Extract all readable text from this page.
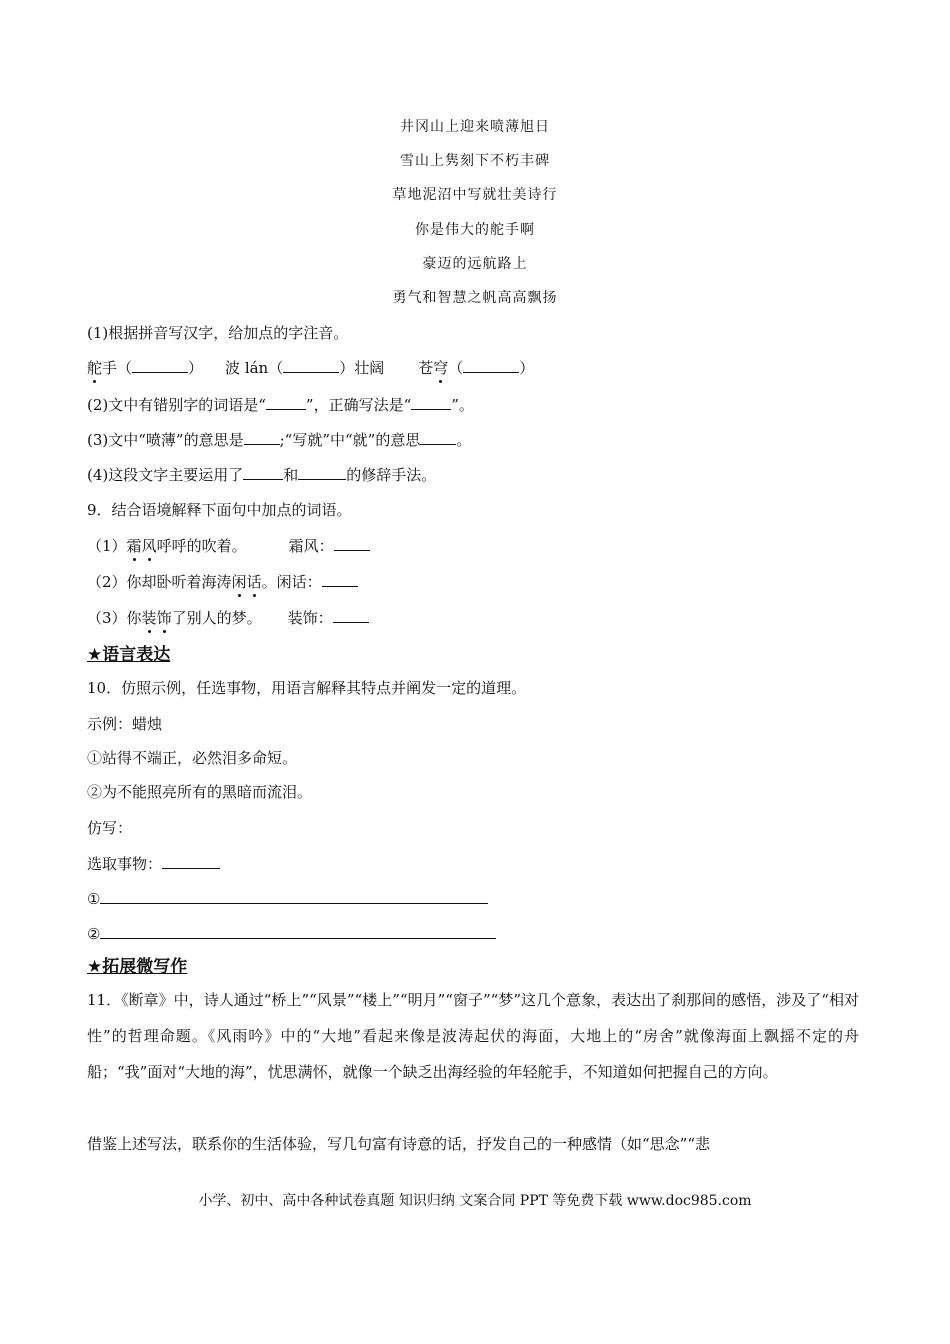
井冈山上迎来喷薄旭日
雪山上隽刻下不朽丰碑
草地泥沼中写就壮美诗行
你是伟大的舵手啊
豪迈的远航路上
勇气和智慧之帆高高飘扬
(1)根据拼音写汉字，给加点的字注音。
舵手（	） 波 lán（	）壮阔 苍穹（	）
(2)文中有错别字的词语是“	”，正确写法是“	”。
(3)文中“喷薄”的意思是 ;“写就”中“就”的意思 。
(4)这段文字主要运用了	和	的修辞手法。
9．结合语境解释下面句中加点的词语。
（1）霜风呼呼的吹着。	霜风：
（2）你却卧听着海涛闲话。闲话：
（3）你装饰了别人的梦。 装饰：
★语言表达
10．仿照示例，任选事物，用语言解释其特点并阐发一定的道理。
示例：蜡烛
①站得不端正，必然泪多命短。
②为不能照亮所有的黑暗而流泪。
仿写：
选取事物：
①
②
★拓展微写作
11．《断章》中，诗人通过“桥上”“风景”“楼上”“明月”“窗子”“梦”这几个意象，表达出了刹那间的感悟，涉及了“相对性”的哲理命题。《风雨吟》中的“大地”看起来像是波涛起伏的海面，大地上的“房舍”就像海面上飘摇不定的舟船；“我”面对“大地的海”，忧思满怀，就像一个缺乏出海经验的年轻舵手，不知道如何把握自己的方向。
借鉴上述写法，联系你的生活体验，写几句富有诗意的话，抒发自己的一种感情（如“思念”“悲
小学、初中、高中各种试卷真题 知识归纳 文案合同 PPT 等免费下载 www.doc985.com
